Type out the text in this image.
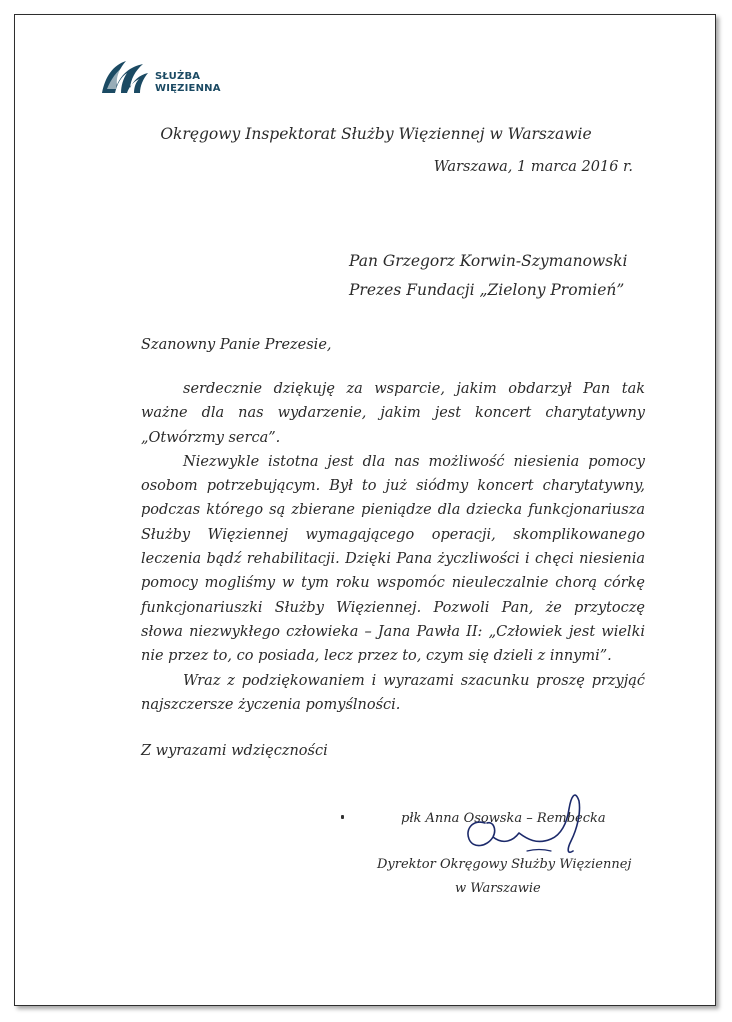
SŁUŻBA
WIĘZIENNA
Okręgowy Inspektorat Służby Więziennej w Warszawie
Warszawa, 1 marca 2016 r.
Pan Grzegorz Korwin-Szymanowski
Prezes Fundacji „Zielony Promień”
Szanowny Panie Prezesie,

serdecznie dziękuję za wsparcie, jakim obdarzył Pan tak ważne dla nas wydarzenie, jakim jest koncert charytatywny „Otwórzmy serca”.

Niezwykle istotna jest dla nas możliwość niesienia pomocy osobom potrzebującym. Był to już siódmy koncert charytatywny, podczas którego są zbierane pieniądze dla dziecka funkcjonariusza Służby Więziennej wymagającego operacji, skomplikowanego leczenia bądź rehabilitacji. Dzięki Pana życzliwości i chęci niesienia pomocy mogliśmy w tym roku wspomóc nieuleczalnie chorą córkę funkcjonariuszki Służby Więziennej. Pozwoli Pan, że przytoczę słowa niezwykłego człowieka – Jana Pawła II: „Człowiek jest wielki nie przez to, co posiada, lecz przez to, czym się dzieli z innymi”.

Wraz z podziękowaniem i wyrazami szacunku proszę przyjąć najszczersze życzenia pomyślności.

Z wyrazami wdzięczności
płk Anna Osowska – Rembecka
Dyrektor Okręgowy Służby Więziennej
w Warszawie
